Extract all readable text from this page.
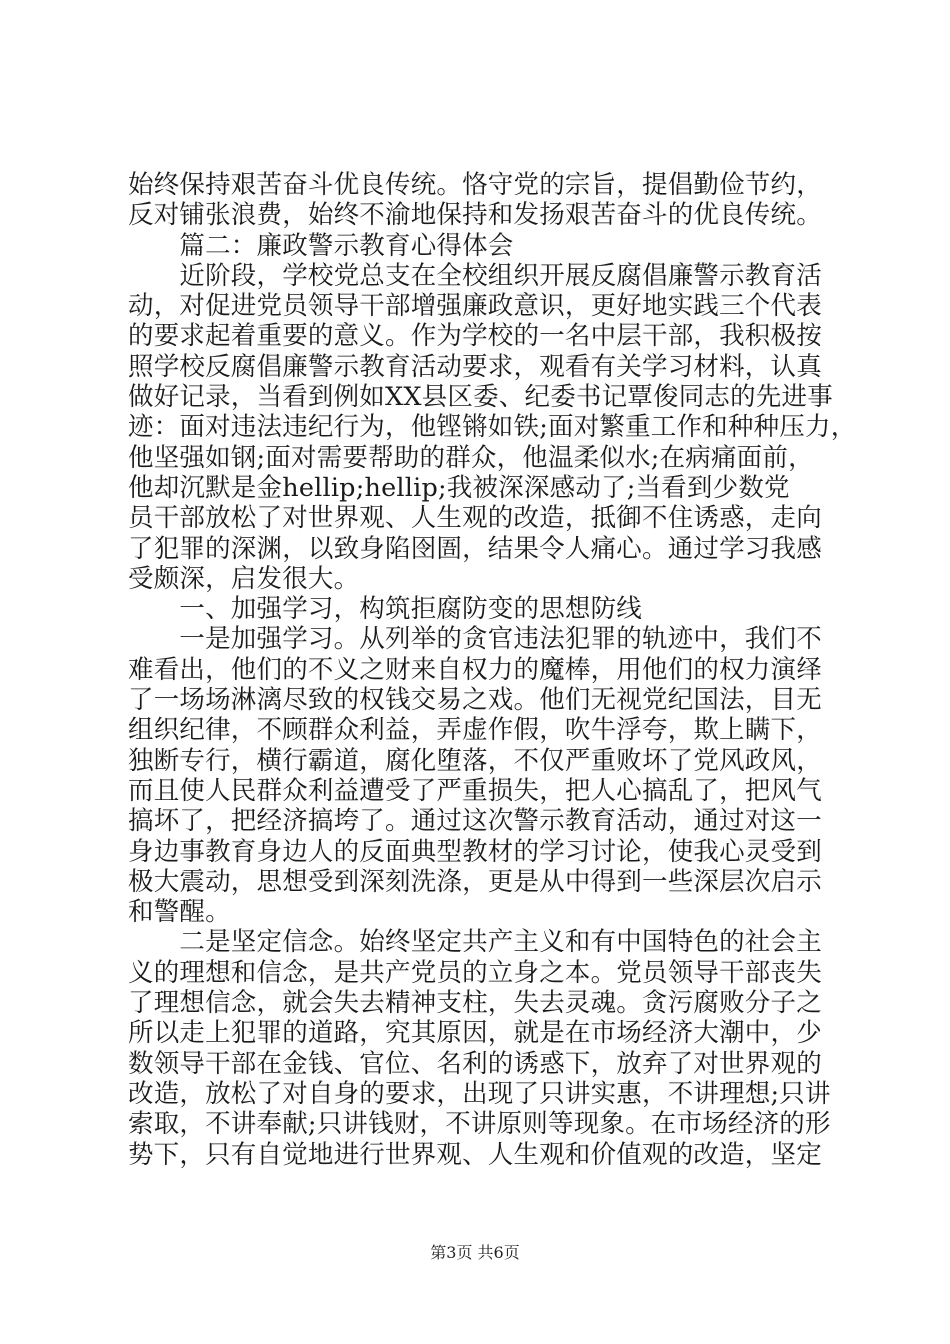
始终保持艰苦奋斗优良传统。恪守党的宗旨，提倡勤俭节约，
反对铺张浪费，始终不渝地保持和发扬艰苦奋斗的优良传统。
　　篇二：廉政警示教育心得体会
　　近阶段，学校党总支在全校组织开展反腐倡廉警示教育活
动，对促进党员领导干部增强廉政意识，更好地实践三个代表
的要求起着重要的意义。作为学校的一名中层干部，我积极按
照学校反腐倡廉警示教育活动要求，观看有关学习材料，认真
做好记录，当看到例如XX县区委、纪委书记覃俊同志的先进事
迹：面对违法违纪行为，他铿锵如铁;面对繁重工作和种种压力，
他坚强如钢;面对需要帮助的群众，他温柔似水;在病痛面前，
他却沉默是金hellip;hellip;我被深深感动了;当看到少数党
员干部放松了对世界观、人生观的改造，抵御不住诱惑，走向
了犯罪的深渊，以致身陷囹圄，结果令人痛心。通过学习我感
受颇深，启发很大。
　　一、加强学习，构筑拒腐防变的思想防线
　　一是加强学习。从列举的贪官违法犯罪的轨迹中，我们不
难看出，他们的不义之财来自权力的魔棒，用他们的权力演绎
了一场场淋漓尽致的权钱交易之戏。他们无视党纪国法，目无
组织纪律，不顾群众利益，弄虚作假，吹牛浮夸，欺上瞒下，
独断专行，横行霸道，腐化堕落，不仅严重败坏了党风政风，
而且使人民群众利益遭受了严重损失，把人心搞乱了，把风气
搞坏了，把经济搞垮了。通过这次警示教育活动，通过对这一
身边事教育身边人的反面典型教材的学习讨论，使我心灵受到
极大震动，思想受到深刻洗涤，更是从中得到一些深层次启示
和警醒。
　　二是坚定信念。始终坚定共产主义和有中国特色的社会主
义的理想和信念，是共产党员的立身之本。党员领导干部丧失
了理想信念，就会失去精神支柱，失去灵魂。贪污腐败分子之
所以走上犯罪的道路，究其原因，就是在市场经济大潮中，少
数领导干部在金钱、官位、名利的诱惑下，放弃了对世界观的
改造，放松了对自身的要求，出现了只讲实惠，不讲理想;只讲
索取，不讲奉献;只讲钱财，不讲原则等现象。在市场经济的形
势下，只有自觉地进行世界观、人生观和价值观的改造，坚定
第3页 共6页
